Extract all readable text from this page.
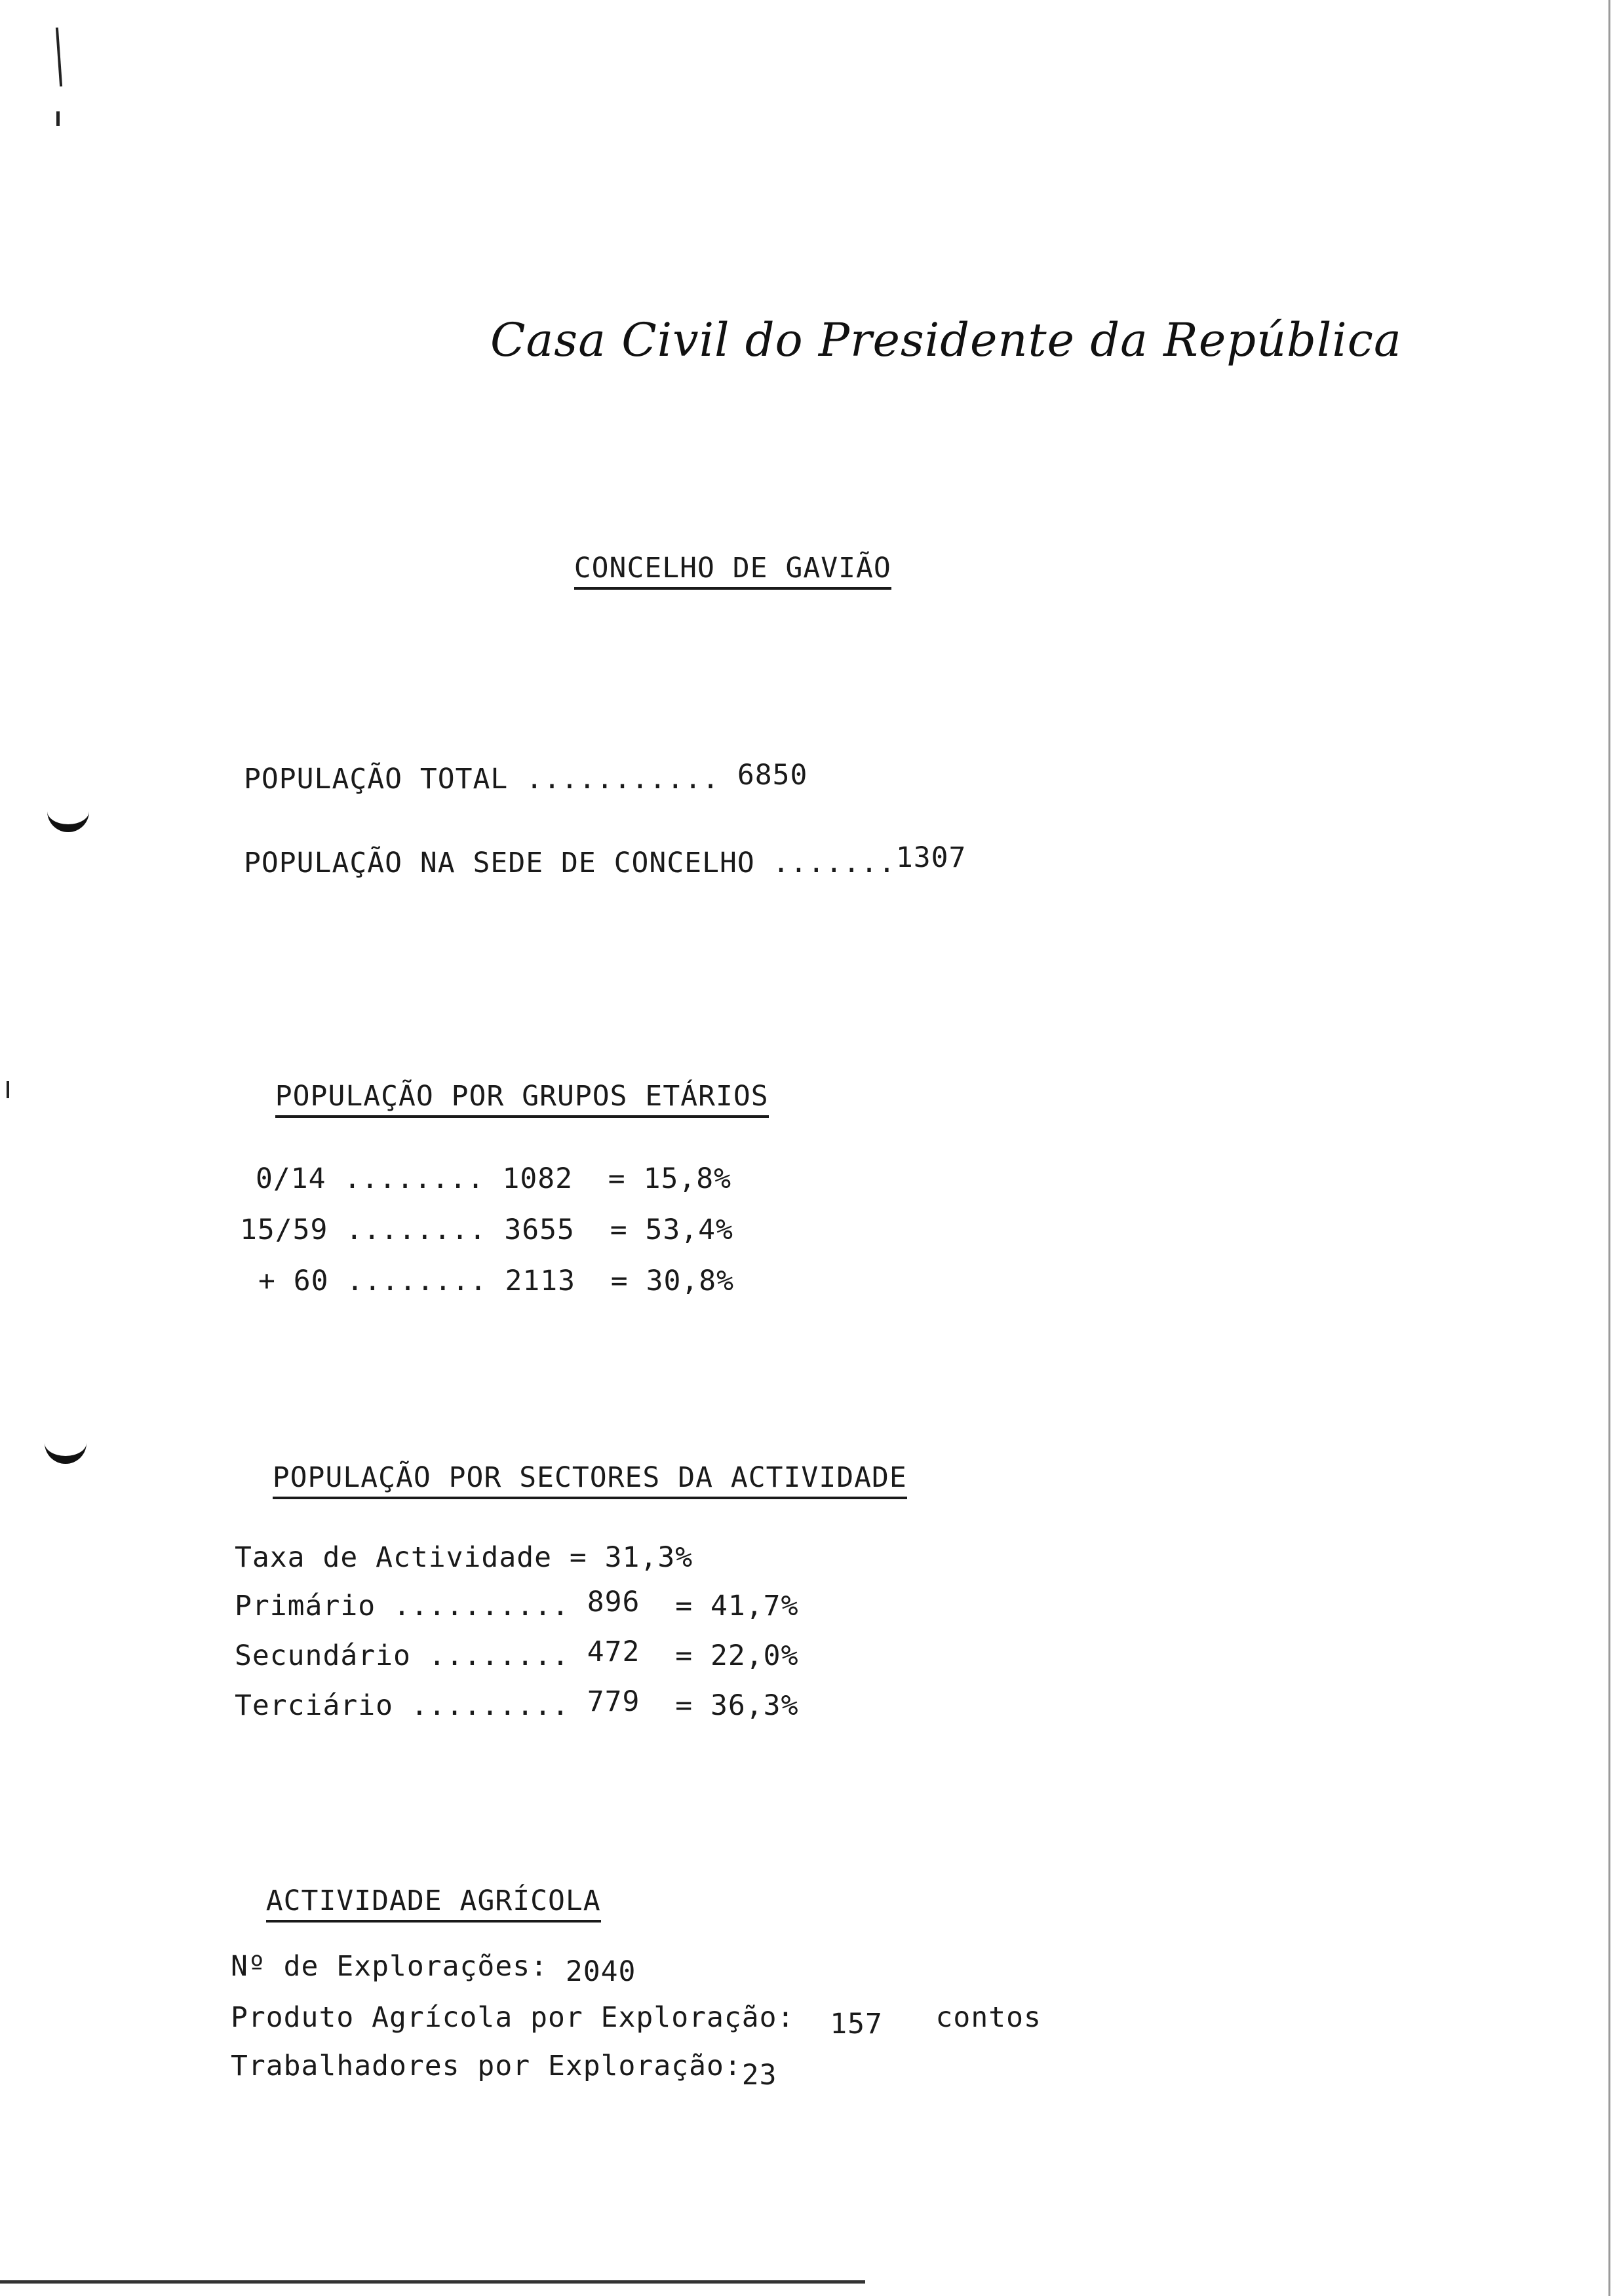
Casa Civil do Presidente da República

CONCELHO DE GAVIÃO

POPULAÇÃO TOTAL ........... 6850
POPULAÇÃO NA SEDE DE CONCELHO .......1307

POPULAÇÃO POR GRUPOS ETÁRIOS

0/14 ........ 1082 = 15,8%
15/59 ........ 3655 = 53,4%
+ 60 ........ 2113 = 30,8%

POPULAÇÃO POR SECTORES DA ACTIVIDADE

Taxa de Actividade = 31,3%
Primário .......... 896 = 41,7%
Secundário ........ 472 = 22,0%
Terciário ......... 779 = 36,3%

ACTIVIDADE AGRÍCOLA

Nº de Explorações: 2040
Produto Agrícola por Exploração: 157 contos
Trabalhadores por Exploração:23
